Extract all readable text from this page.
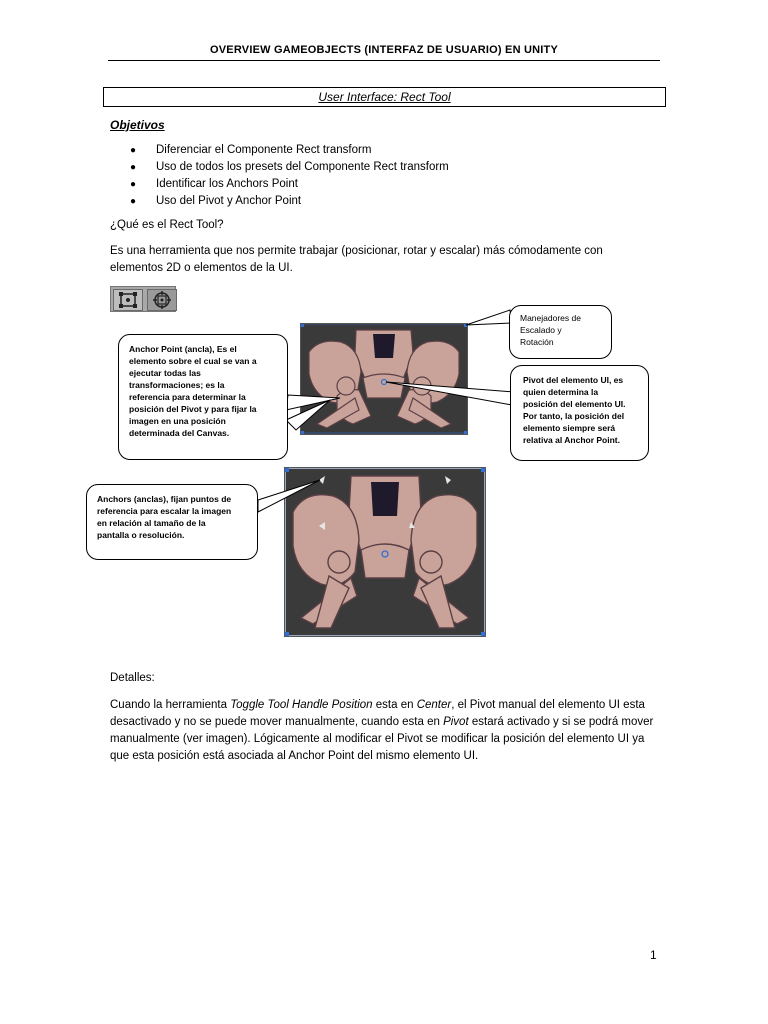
OVERVIEW GAMEOBJECTS (INTERFAZ DE USUARIO) EN UNITY
User Interface: Rect Tool
Objetivos
● Diferenciar el Componente Rect transform
● Uso de todos los presets del Componente Rect transform
● Identificar los Anchors Point
● Uso del Pivot y Anchor Point
¿Qué es el Rect Tool?
Es una herramienta que nos permite trabajar (posicionar, rotar y escalar) más cómodamente con
elementos 2D o elementos de la UI.
Manejadores de
Escalado y
Rotación
Anchor Point (ancla), Es el
elemento sobre el cual se van a
ejecutar todas las
transformaciones; es la
referencia para determinar la
posición del Pivot y para fijar la
imagen en una posición
determinada del Canvas.
Pivot del elemento UI, es
quien determina la
posición del elemento UI.
Por tanto, la posición del
elemento siempre será
relativa al Anchor Point.
Anchors (anclas), fijan puntos de
referencia para escalar la imagen
en relación al tamaño de la
pantalla o resolución.
Detalles:
Cuando la herramienta Toggle Tool Handle Position esta en Center, el Pivot manual del elemento UI esta desactivado y no se puede mover manualmente, cuando esta en Pivot estará activado y si se podrá mover manualmente (ver imagen). Lógicamente al modificar el Pivot se modificar la posición del elemento UI ya que esta posición está asociada al Anchor Point del mismo elemento UI.
1
